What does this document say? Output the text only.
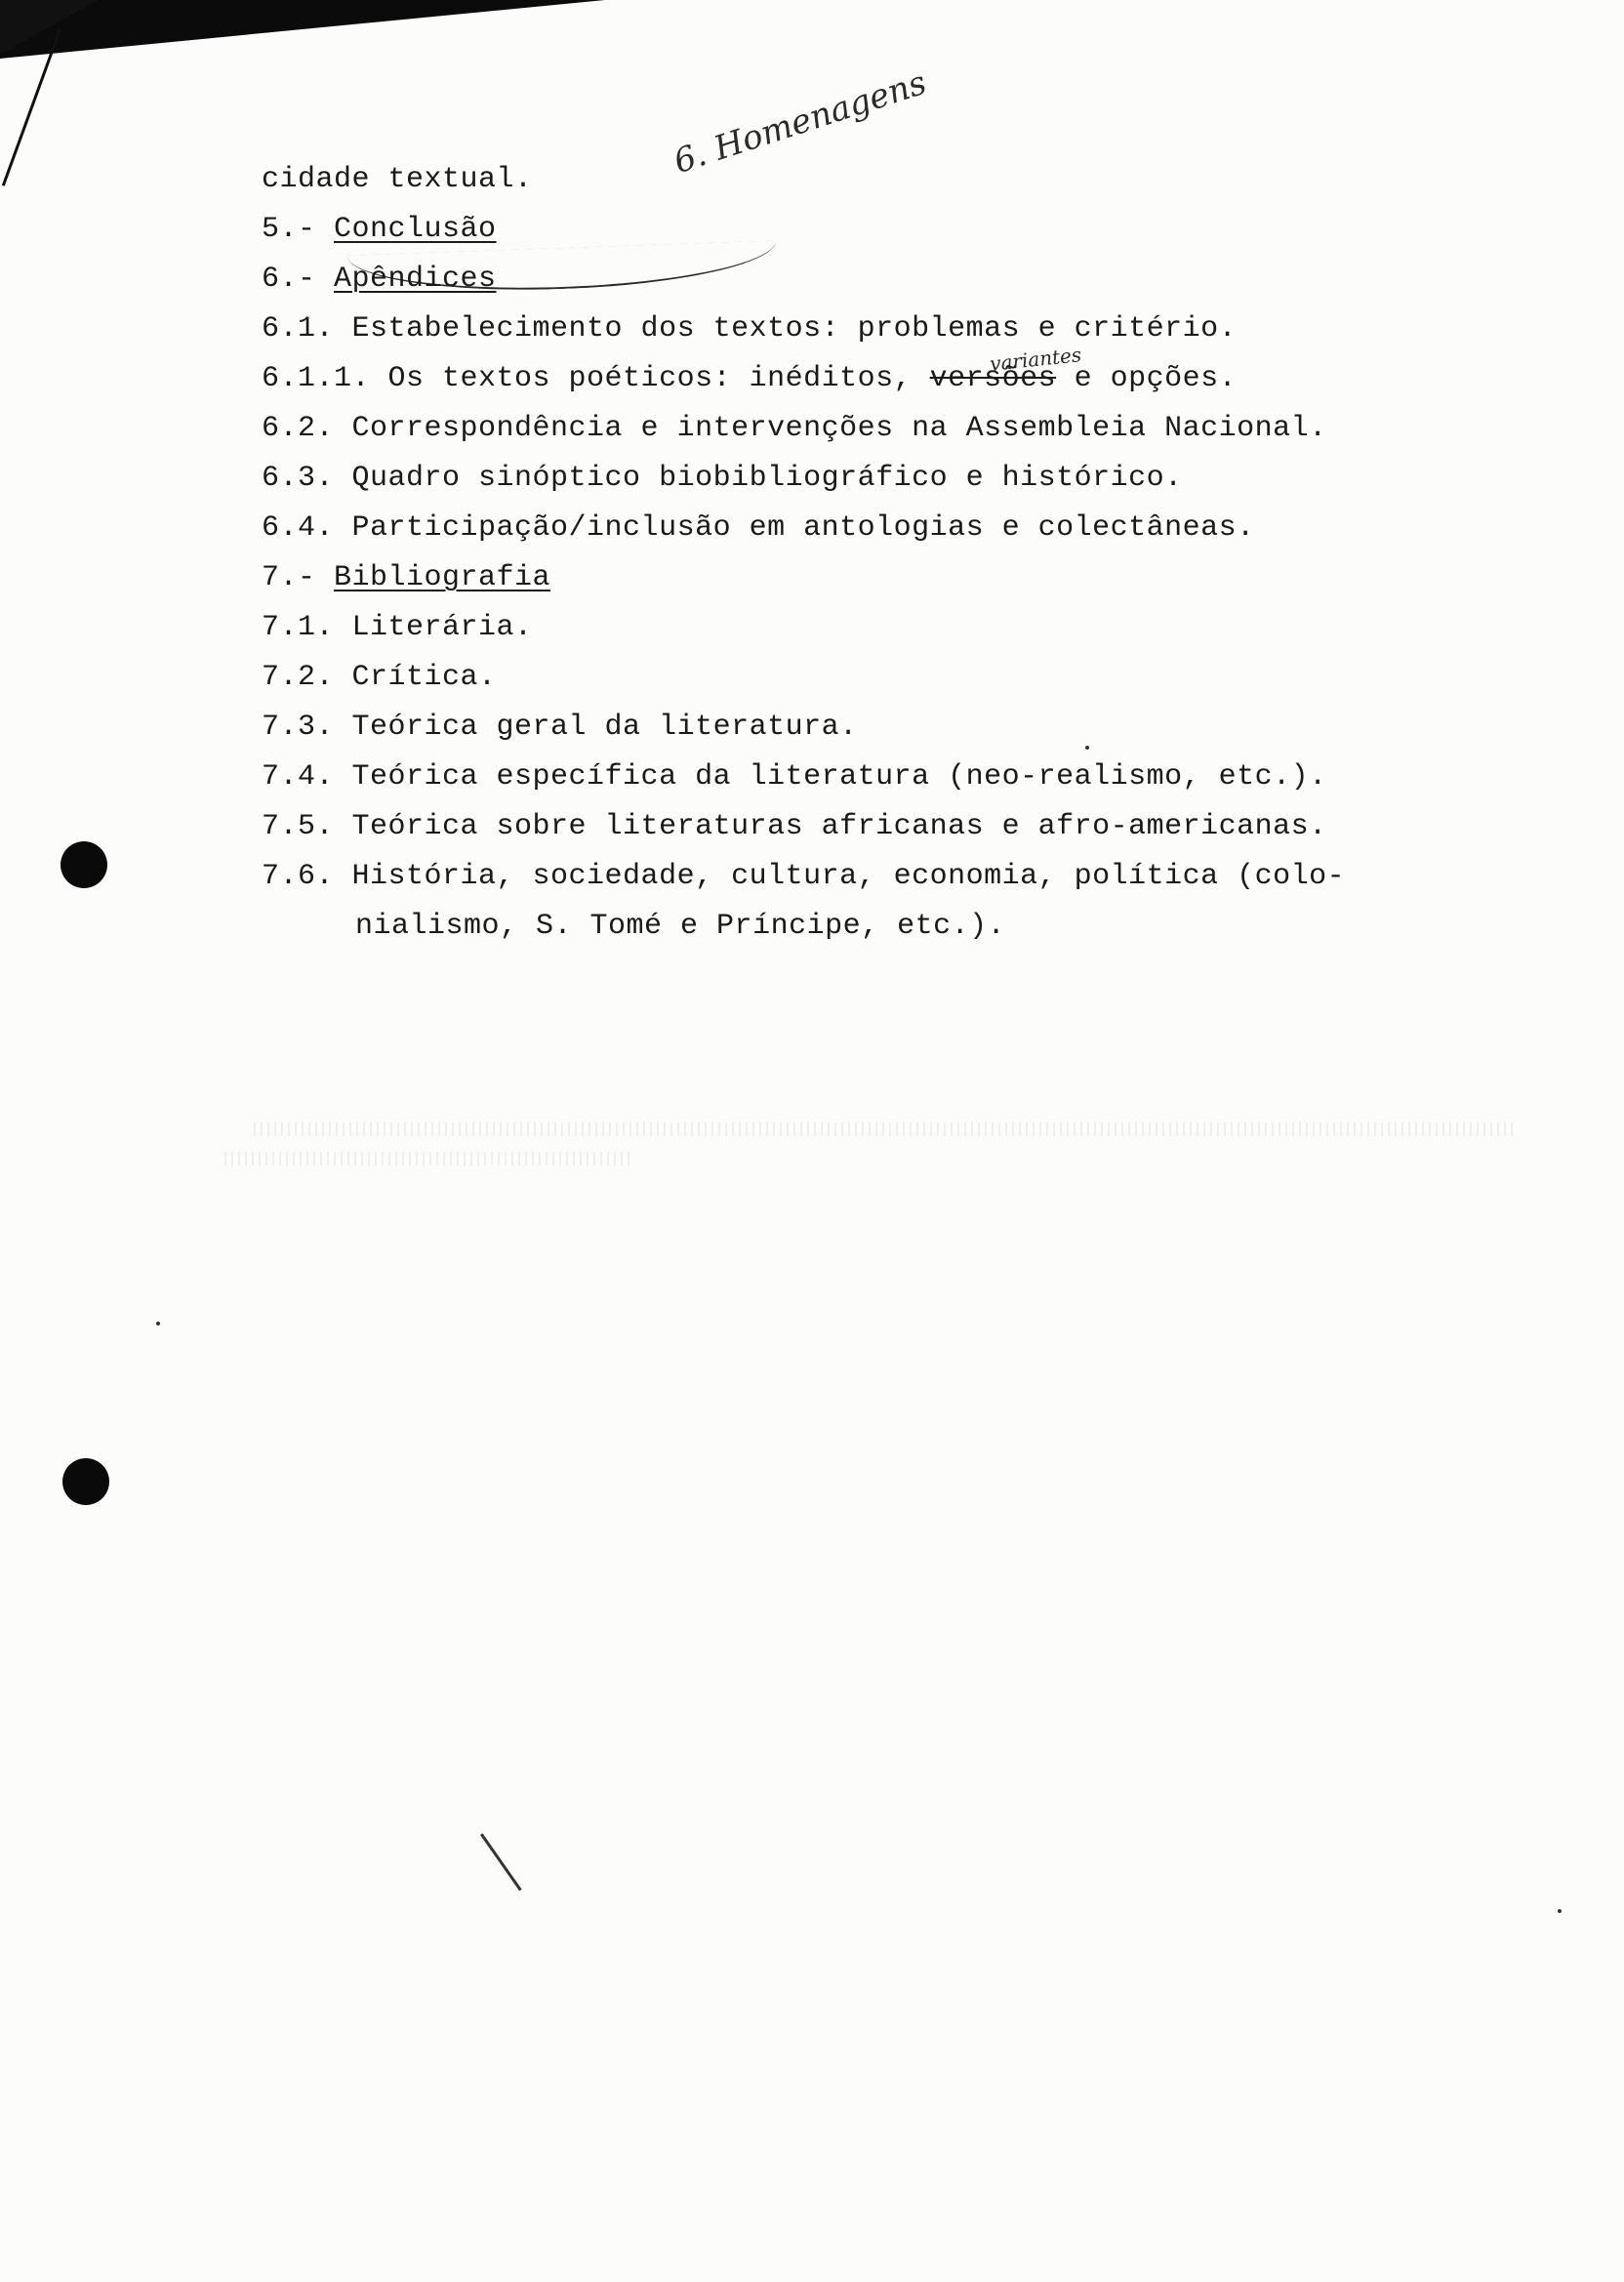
6. Homenagens
variantes
cidade textual.
5.- Conclusão
6.- Apêndices
6.1. Estabelecimento dos textos: problemas e critério.
6.1.1. Os textos poéticos: inéditos, versões e opções.
6.2. Correspondência e intervenções na Assembleia Nacional.
6.3. Quadro sinóptico biobibliográfico e histórico.
6.4. Participação/inclusão em antologias e colectâneas.
7.- Bibliografia
7.1. Literária.
7.2. Crítica.
7.3. Teórica geral da literatura.
7.4. Teórica específica da literatura (neo-realismo, etc.).
7.5. Teórica sobre literaturas africanas e afro-americanas.
7.6. História, sociedade, cultura, economia, política (colo-
nialismo, S. Tomé e Príncipe, etc.).
